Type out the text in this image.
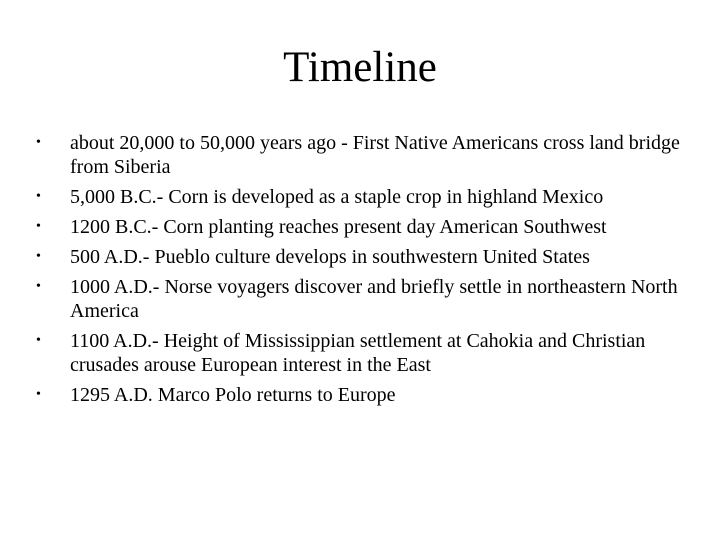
Timeline
•	about 20,000 to 50,000 years ago - First Native Americans cross land bridge from Siberia
•	5,000 B.C.- Corn is developed as a staple crop in highland Mexico
•	1200 B.C.- Corn planting reaches present day American Southwest
•	500 A.D.- Pueblo culture develops in southwestern United States
•	1000 A.D.- Norse voyagers discover and briefly settle in northeastern North America
•	1100 A.D.- Height of Mississippian settlement at Cahokia and Christian crusades arouse European interest in the East
•	1295 A.D. Marco Polo returns to Europe
